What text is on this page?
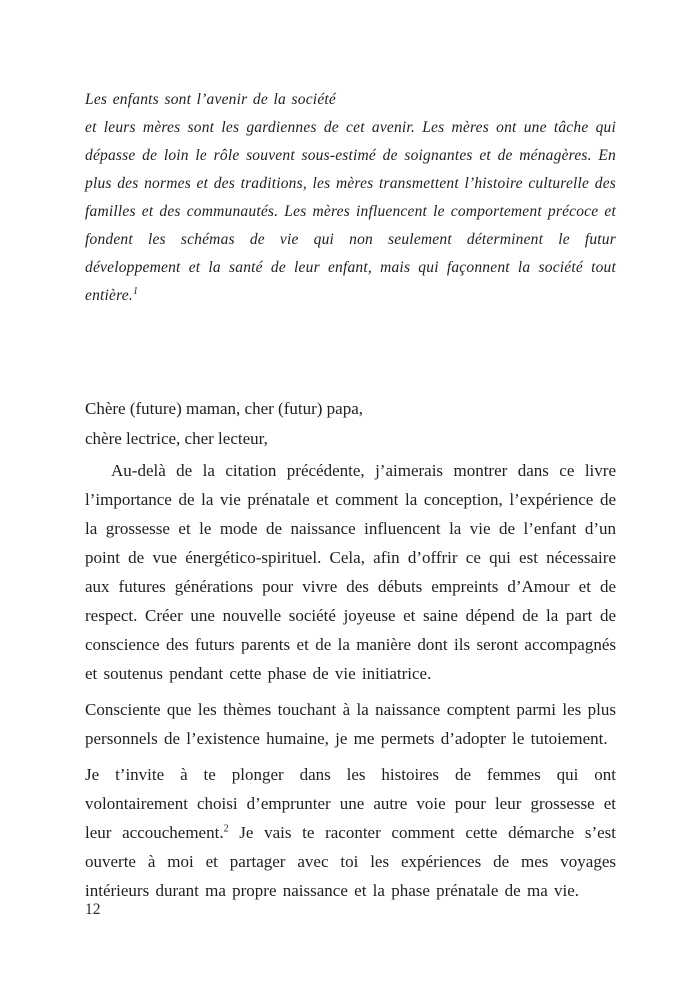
Les enfants sont l’avenir de la société

et leurs mères sont les gardiennes de cet avenir. Les mères ont une tâche qui dépasse de loin le rôle souvent sous-estimé de soignantes et de ménagères. En plus des normes et des traditions, les mères transmettent l’histoire culturelle des familles et des communautés. Les mères influencent le comportement précoce et fondent les schémas de vie qui non seulement déterminent le futur développement et la santé de leur enfant, mais qui façonnent la société tout entière.$^1$

Chère (future) maman, cher (futur) papa,

chère lectrice, cher lecteur,

Au-delà de la citation précédente, j’aimerais montrer dans ce livre l’importance de la vie prénatale et comment la conception, l’expérience de la grossesse et le mode de naissance influencent la vie de l’enfant d’un point de vue énergético-spirituel. Cela, afin d’offrir ce qui est nécessaire aux futures générations pour vivre des débuts empreints d’Amour et de respect. Créer une nouvelle société joyeuse et saine dépend de la part de conscience des futurs parents et de la manière dont ils seront accompagnés et soutenus pendant cette phase de vie initiatrice.

Consciente que les thèmes touchant à la naissance comptent parmi les plus personnels de l’existence humaine, je me permets d’adopter le tutoiement.

Je t’invite à te plonger dans les histoires de femmes qui ont volontairement choisi d’emprunter une autre voie pour leur grossesse et leur accouchement.$^2$ Je vais te raconter comment cette démarche s’est ouverte à moi et partager avec toi les expériences de mes voyages intérieurs durant ma propre naissance et la phase prénatale de ma vie.

12
